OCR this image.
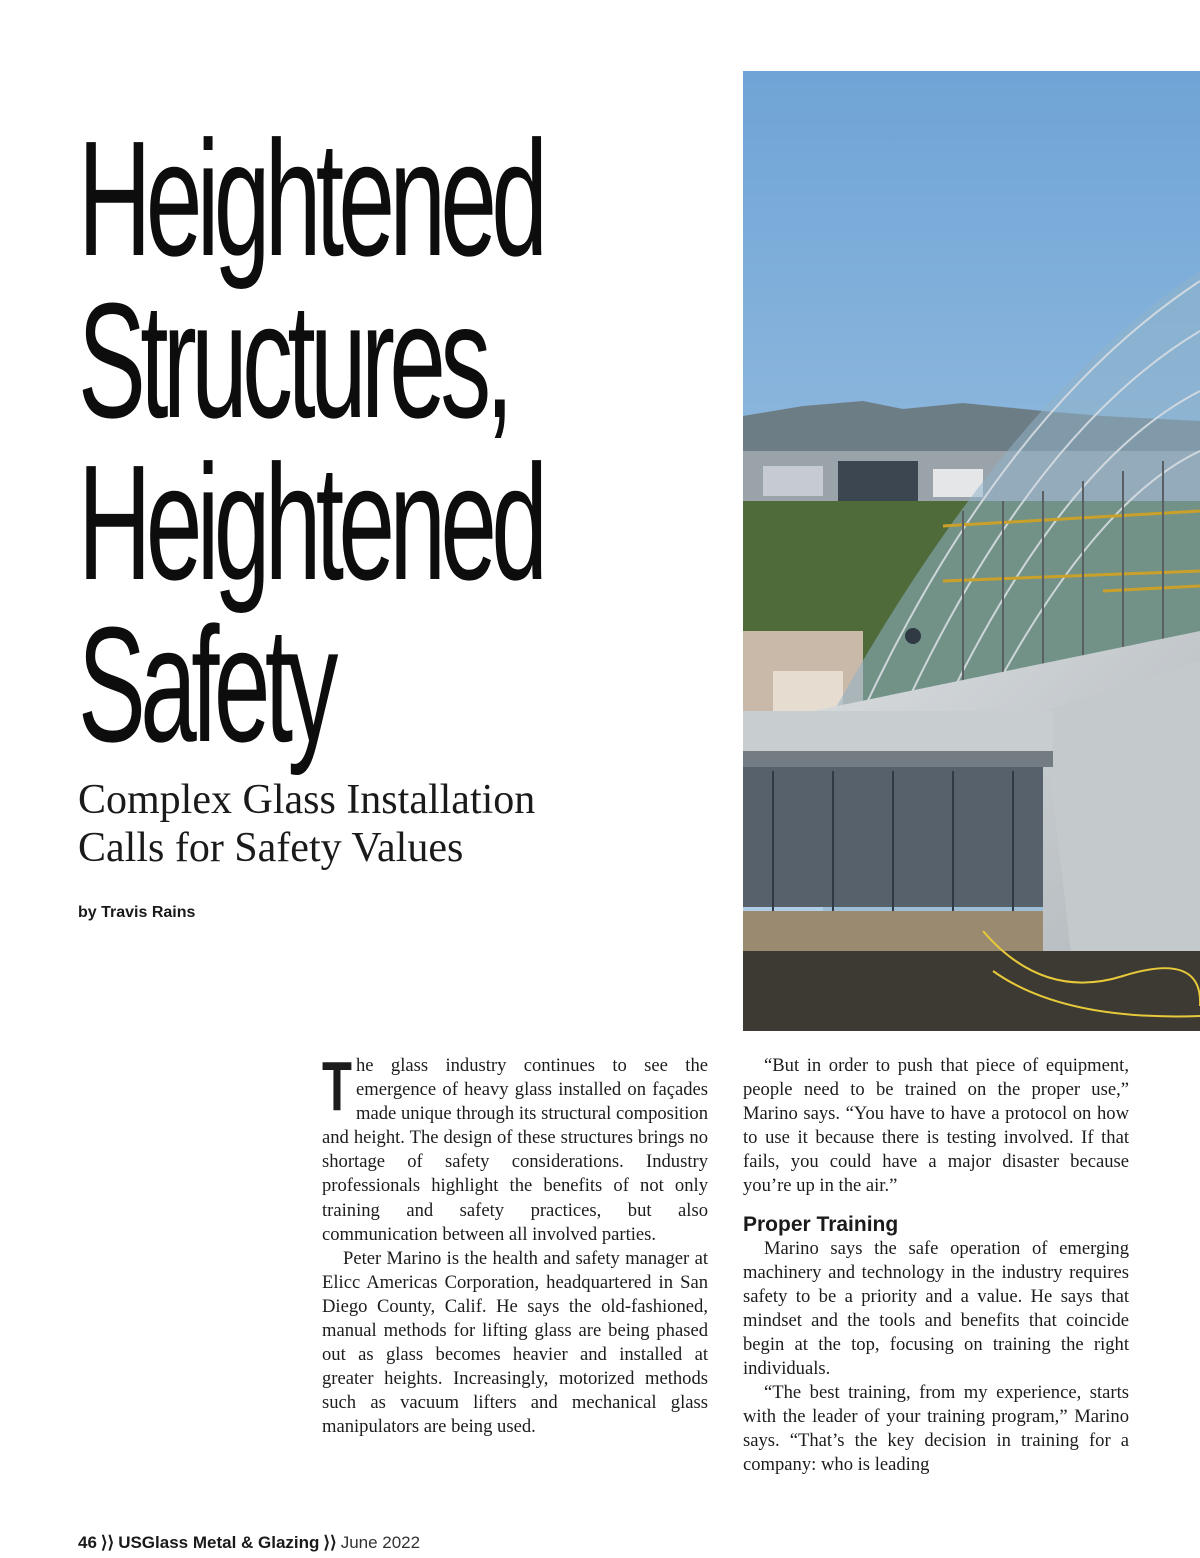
Heightened
Structures,
Heightened
Safety
Complex Glass Installation
Calls for Safety Values

by Travis Rains

The glass industry continues to see the emergence of heavy glass installed on façades made unique through its structural composition and height. The design of these structures brings no shortage of safety considerations. Industry professionals highlight the benefits of not only training and safety practices, but also communication between all involved parties.

Peter Marino is the health and safety manager at Elicc Americas Corporation, headquartered in San Diego County, Calif. He says the old-fashioned, manual methods for lifting glass are being phased out as glass becomes heavier and installed at greater heights. Increasingly, motorized methods such as vacuum lifters and mechanical glass manipulators are being used.

“But in order to push that piece of equipment, people need to be trained on the proper use,” Marino says. “You have to have a protocol on how to use it because there is testing involved. If that fails, you could have a major disaster because you’re up in the air.”

Proper Training

Marino says the safe operation of emerging machinery and technology in the industry requires safety to be a priority and a value. He says that mindset and the tools and benefits that coincide begin at the top, focusing on training the right individuals.

“The best training, from my experience, starts with the leader of your training program,” Marino says. “That’s the key decision in training for a company: who is leading

46 ⟩⟩ USGlass Metal & Glazing ⟩⟩ June 2022
